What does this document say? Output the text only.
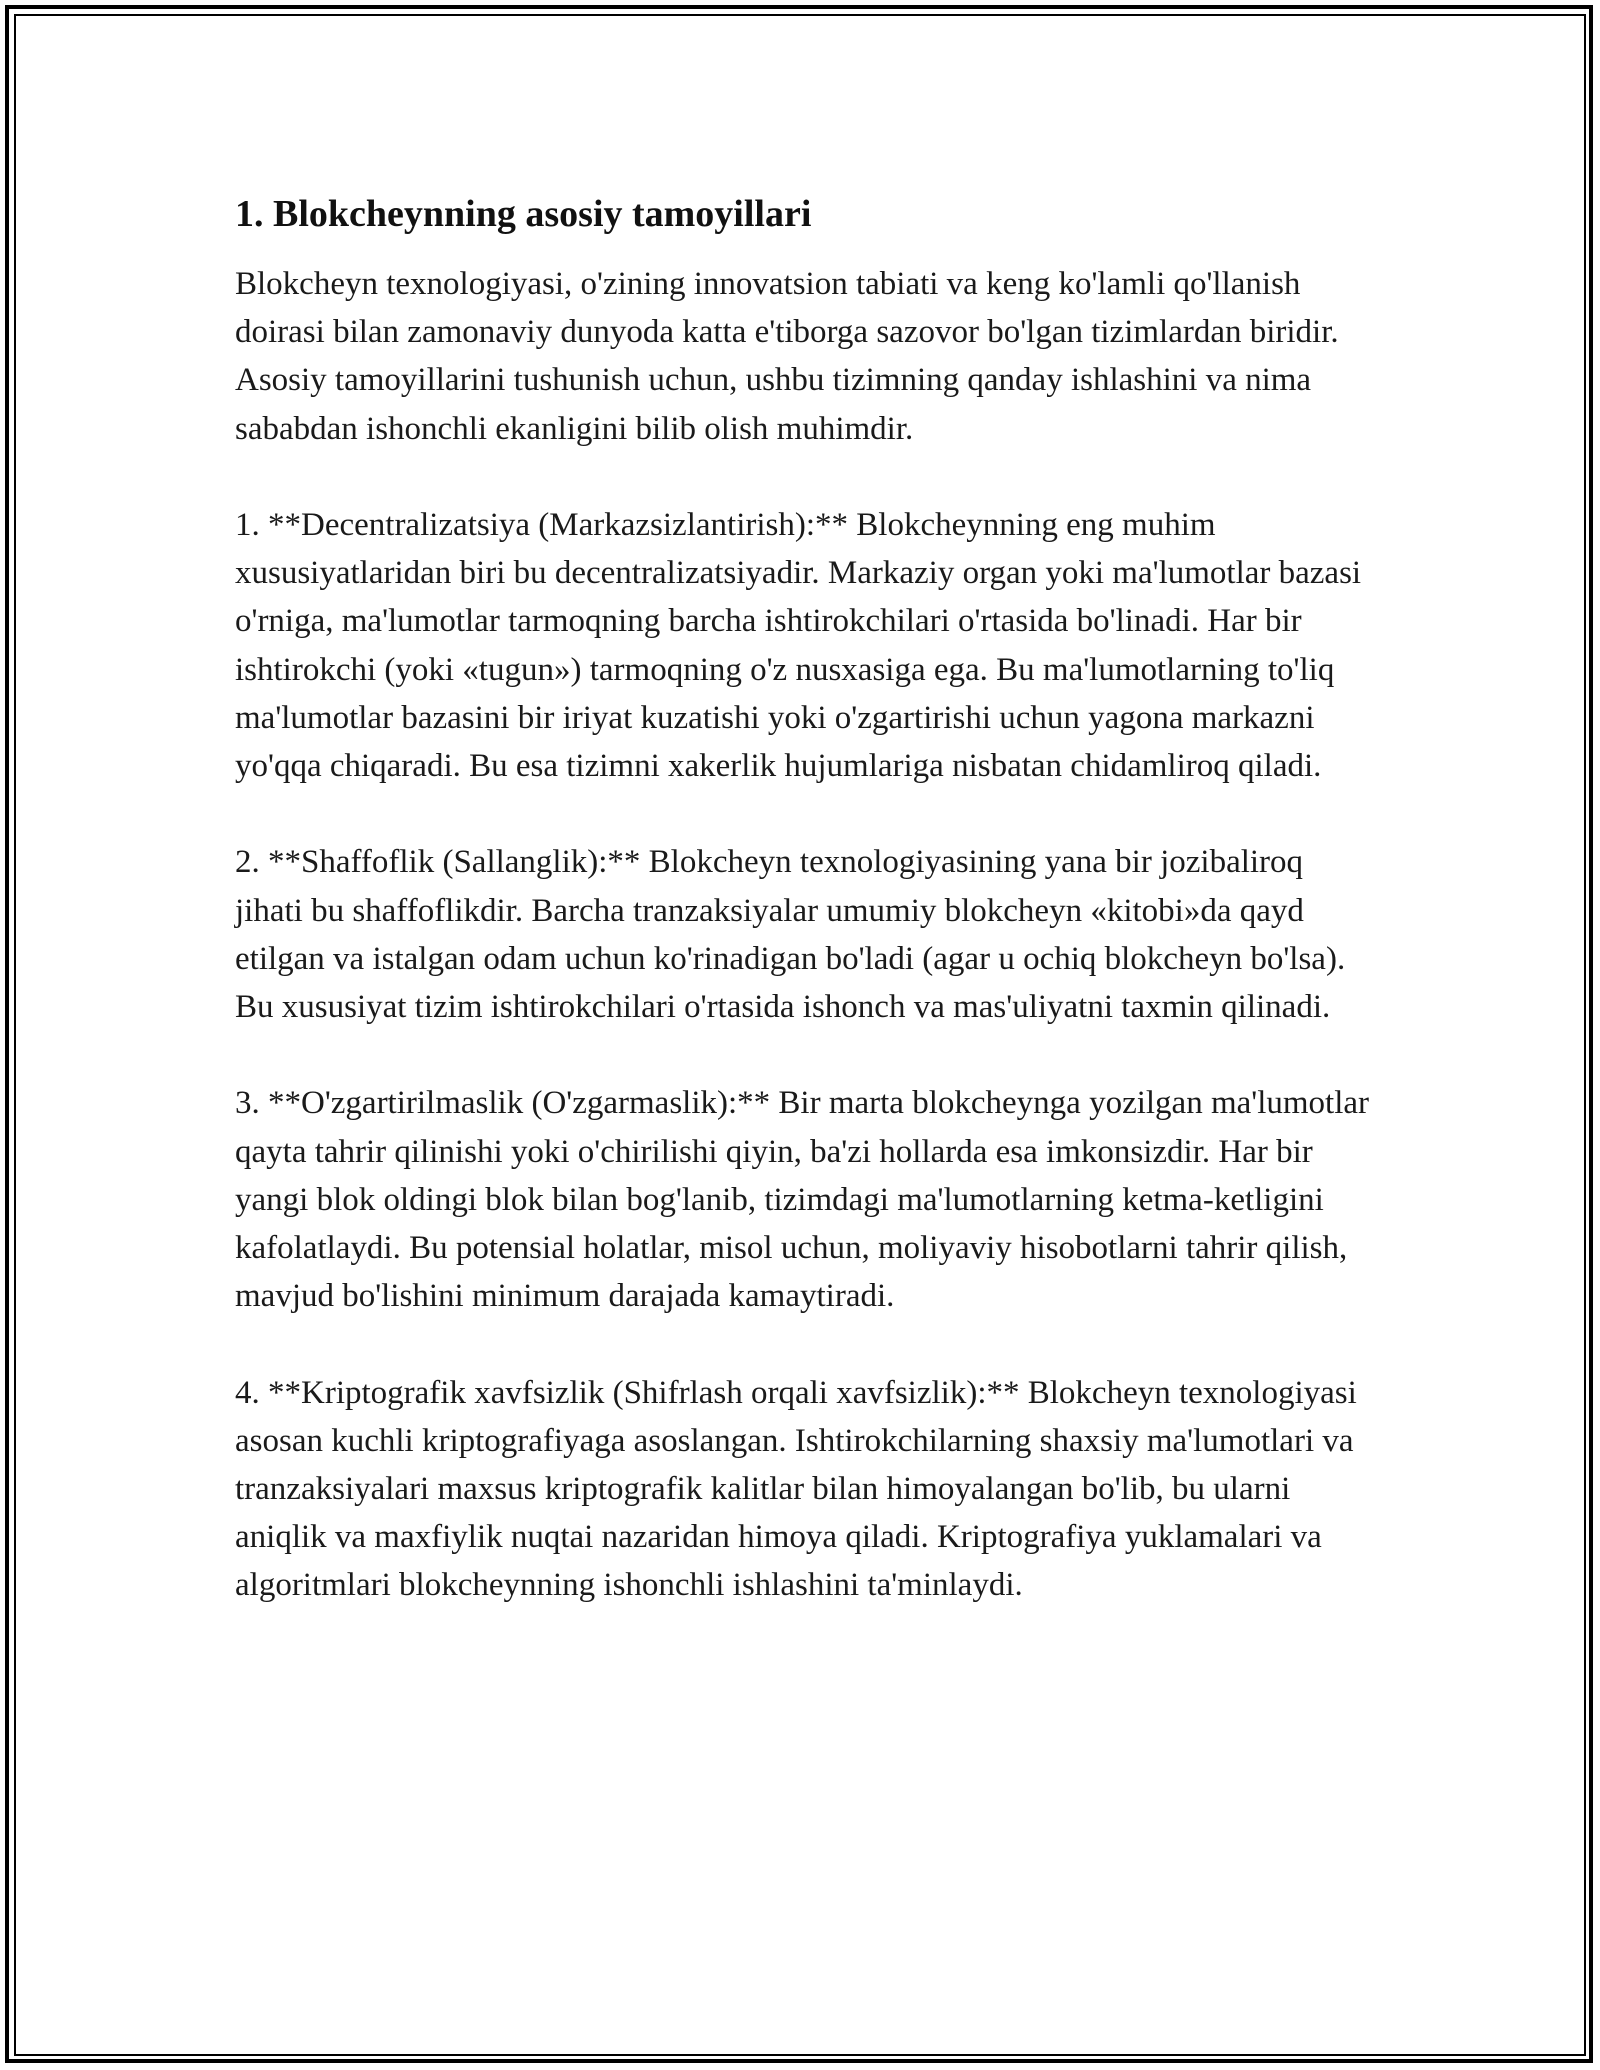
1. Blokcheynning asosiy tamoyillari

Blokcheyn texnologiyasi, o'zining innovatsion tabiati va keng ko'lamli qo'llanish doirasi bilan zamonaviy dunyoda katta e'tiborga sazovor bo'lgan tizimlardan biridir. Asosiy tamoyillarini tushunish uchun, ushbu tizimning qanday ishlashini va nima sababdan ishonchli ekanligini bilib olish muhimdir.

1. **Decentralizatsiya (Markazsizlantirish):** Blokcheynning eng muhim xususiyatlaridan biri bu decentralizatsiyadir. Markaziy organ yoki ma'lumotlar bazasi o'rniga, ma'lumotlar tarmoqning barcha ishtirokchilari o'rtasida bo'linadi. Har bir ishtirokchi (yoki «tugun») tarmoqning o'z nusxasiga ega. Bu ma'lumotlarning to'liq ma'lumotlar bazasini bir iriyat kuzatishi yoki o'zgartirishi uchun yagona markazni yo'qqa chiqaradi. Bu esa tizimni xakerlik hujumlariga nisbatan chidamliroq qiladi.

2. **Shaffoflik (Sallanglik):** Blokcheyn texnologiyasining yana bir jozibaliroq jihati bu shaffoflikdir. Barcha tranzaksiyalar umumiy blokcheyn «kitobi»da qayd etilgan va istalgan odam uchun ko'rinadigan bo'ladi (agar u ochiq blokcheyn bo'lsa). Bu xususiyat tizim ishtirokchilari o'rtasida ishonch va mas'uliyatni taxmin qilinadi.

3. **O'zgartirilmaslik (O'zgarmaslik):** Bir marta blokcheynga yozilgan ma'lumotlar qayta tahrir qilinishi yoki o'chirilishi qiyin, ba'zi hollarda esa imkonsizdir. Har bir yangi blok oldingi blok bilan bog'lanib, tizimdagi ma'lumotlarning ketma-ketligini kafolatlaydi. Bu potensial holatlar, misol uchun, moliyaviy hisobotlarni tahrir qilish, mavjud bo'lishini minimum darajada kamaytiradi.

4. **Kriptografik xavfsizlik (Shifrlash orqali xavfsizlik):** Blokcheyn texnologiyasi asosan kuchli kriptografiyaga asoslangan. Ishtirokchilarning shaxsiy ma'lumotlari va tranzaksiyalari maxsus kriptografik kalitlar bilan himoyalangan bo'lib, bu ularni aniqlik va maxfiylik nuqtai nazaridan himoya qiladi. Kriptografiya yuklamalari va algoritmlari blokcheynning ishonchli ishlashini ta'minlaydi.
